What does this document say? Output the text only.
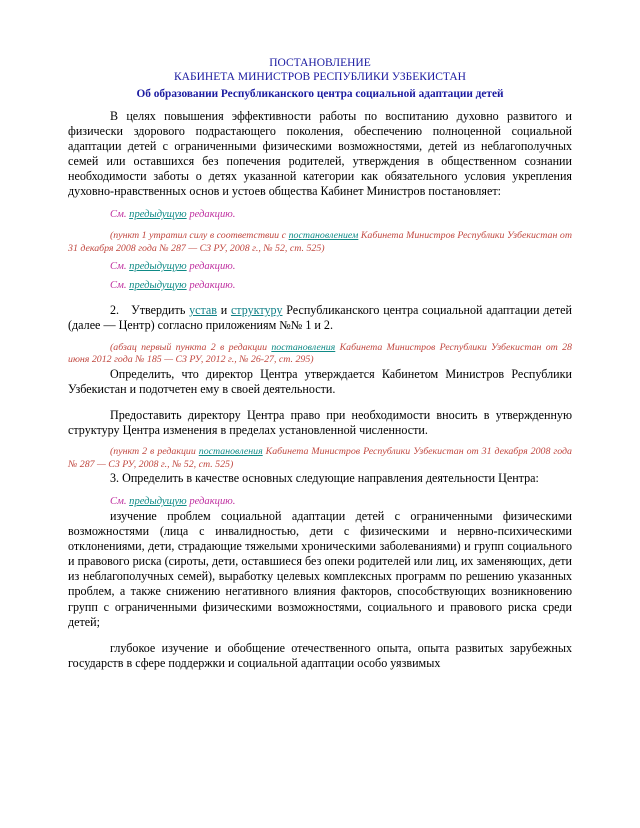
ПОСТАНОВЛЕНИЕ
КАБИНЕТА МИНИСТРОВ РЕСПУБЛИКИ УЗБЕКИСТАН
Об образовании Республиканского центра социальной адаптации детей

В целях повышения эффективности работы по воспитанию духовно развитого и физически здорового подрастающего поколения, обеспечению полноценной социальной адаптации детей с ограниченными физическими возможностями, детей из неблагополучных семей или оставшихся без попечения родителей, утверждения в общественном сознании необходимости заботы о детях указанной категории как обязательного условия укрепления духовно-нравственных основ и устоев общества Кабинет Министров постановляет:

См. предыдущую редакцию.

(пункт 1 утратил силу в соответствии с постановлением Кабинета Министров Республики Узбекистан от 31 декабря 2008 года № 287 — СЗ РУ, 2008 г., № 52, ст. 525)

См. предыдущую редакцию.

См. предыдущую редакцию.

2. Утвердить устав и структуру Республиканского центра социальной адаптации детей (далее — Центр) согласно приложениям №№ 1 и 2.

(абзац первый пункта 2 в редакции постановления Кабинета Министров Республики Узбекистан от 28 июня 2012 года № 185 — СЗ РУ, 2012 г., № 26-27, ст. 295)

Определить, что директор Центра утверждается Кабинетом Министров Республики Узбекистан и подотчетен ему в своей деятельности.

Предоставить директору Центра право при необходимости вносить в утвержденную структуру Центра изменения в пределах установленной численности.

(пункт 2 в редакции постановления Кабинета Министров Республики Узбекистан от 31 декабря 2008 года № 287 — СЗ РУ, 2008 г., № 52, ст. 525)

3. Определить в качестве основных следующие направления деятельности Центра:

См. предыдущую редакцию.

изучение проблем социальной адаптации детей с ограниченными физическими возможностями (лица с инвалидностью, дети с физическими и нервно-психическими отклонениями, дети, страдающие тяжелыми хроническими заболеваниями) и групп социального и правового риска (сироты, дети, оставшиеся без опеки родителей или лиц, их заменяющих, дети из неблагополучных семей), выработку целевых комплексных программ по решению указанных проблем, а также снижению негативного влияния факторов, способствующих возникновению групп с ограниченными физическими возможностями, социального и правового риска среди детей;

глубокое изучение и обобщение отечественного опыта, опыта развитых зарубежных государств в сфере поддержки и социальной адаптации особо уязвимых
